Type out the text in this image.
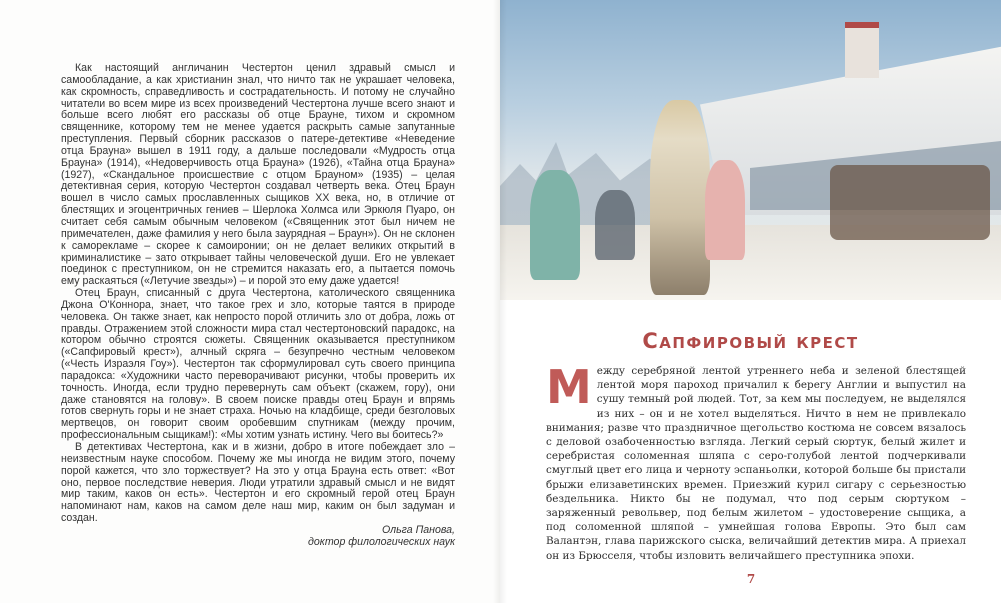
Как настоящий англичанин Честертон ценил здравый смысл и самообладание, а как христианин знал, что ничто так не украшает человека, как скромность, справедливость и сострадательность. И потому не случайно читатели во всем мире из всех произведений Честертона лучше всего знают и больше всего любят его рассказы об отце Брауне, тихом и скромном священнике, которому тем не менее удается раскрыть самые запутанные преступления. Первый сборник рассказов о патере-детективе «Неведение отца Брауна» вышел в 1911 году, а дальше последовали «Мудрость отца Брауна» (1914), «Недоверчивость отца Брауна» (1926), «Тайна отца Брауна» (1927), «Скандальное происшествие с отцом Брауном» (1935) – целая детективная серия, которую Честертон создавал четверть века. Отец Браун вошел в число самых прославленных сыщиков XX века, но, в отличие от блестящих и эгоцентричных гениев – Шерлока Холмса или Эркюля Пуаро, он считает себя самым обычным человеком («Священник этот был ничем не примечателен, даже фамилия у него была заурядная – Браун»). Он не склонен к саморекламе – скорее к самоиронии; он не делает великих открытий в криминалистике – зато открывает тайны человеческой души. Его не увлекает поединок с преступником, он не стремится наказать его, а пытается помочь ему раскаяться («Летучие звезды») – и порой это ему даже удается!

Отец Браун, списанный с друга Честертона, католического священника Джона О'Коннора, знает, что такое грех и зло, которые таятся в природе человека. Он также знает, как непросто порой отличить зло от добра, ложь от правды. Отражением этой сложности мира стал честертоновский парадокс, на котором обычно строятся сюжеты. Священник оказывается преступником («Сапфировый крест»), алчный скряга – безупречно честным человеком («Честь Израэля Гоу»). Честертон так сформулировал суть своего принципа парадокса: «Художники часто переворачивают рисунки, чтобы проверить их точность. Иногда, если трудно перевернуть сам объект (скажем, гору), они даже становятся на голову». В своем поиске правды отец Браун и впрямь готов свернуть горы и не знает страха. Ночью на кладбище, среди безголовых мертвецов, он говорит своим оробевшим спутникам (между прочим, профессиональным сыщикам!): «Мы хотим узнать истину. Чего вы боитесь?»

В детективах Честертона, как и в жизни, добро в итоге побеждает зло – неизвестным науке способом. Почему же мы иногда не видим этого, почему порой кажется, что зло торжествует? На это у отца Брауна есть ответ: «Вот оно, первое последствие неверия. Люди утратили здравый смысл и не видят мир таким, каков он есть». Честертон и его скромный герой отец Браун напоминают нам, каков на самом деле наш мир, каким он был задуман и создан.

Ольга Панова,

доктор филологических наук

Сапфировый крест
М ежду серебряной лентой утреннего неба и зеленой блестящей лентой моря пароход причалил к берегу Англии и выпустил на сушу темный рой людей. Тот, за кем мы последуем, не выделялся из них – он и не хотел выделяться. Ничто в нем не привлекало внимания; разве что праздничное щегольство костюма не совсем вязалось с деловой озабоченностью взгляда. Легкий серый сюртук, белый жилет и серебристая соломенная шляпа с серо-голубой лентой подчеркивали смуглый цвет его лица и черноту эспаньолки, которой больше бы пристали брыжи елизаветинских времен. Приезжий курил сигару с серьезностью бездельника. Никто бы не подумал, что под серым сюртуком – заряженный револьвер, под белым жилетом – удостоверение сыщика, а под соломенной шляпой – умнейшая голова Европы. Это был сам Валантэн, глава парижского сыска, величайший детектив мира. А приехал он из Брюсселя, чтобы изловить величайшего преступника эпохи.

7
